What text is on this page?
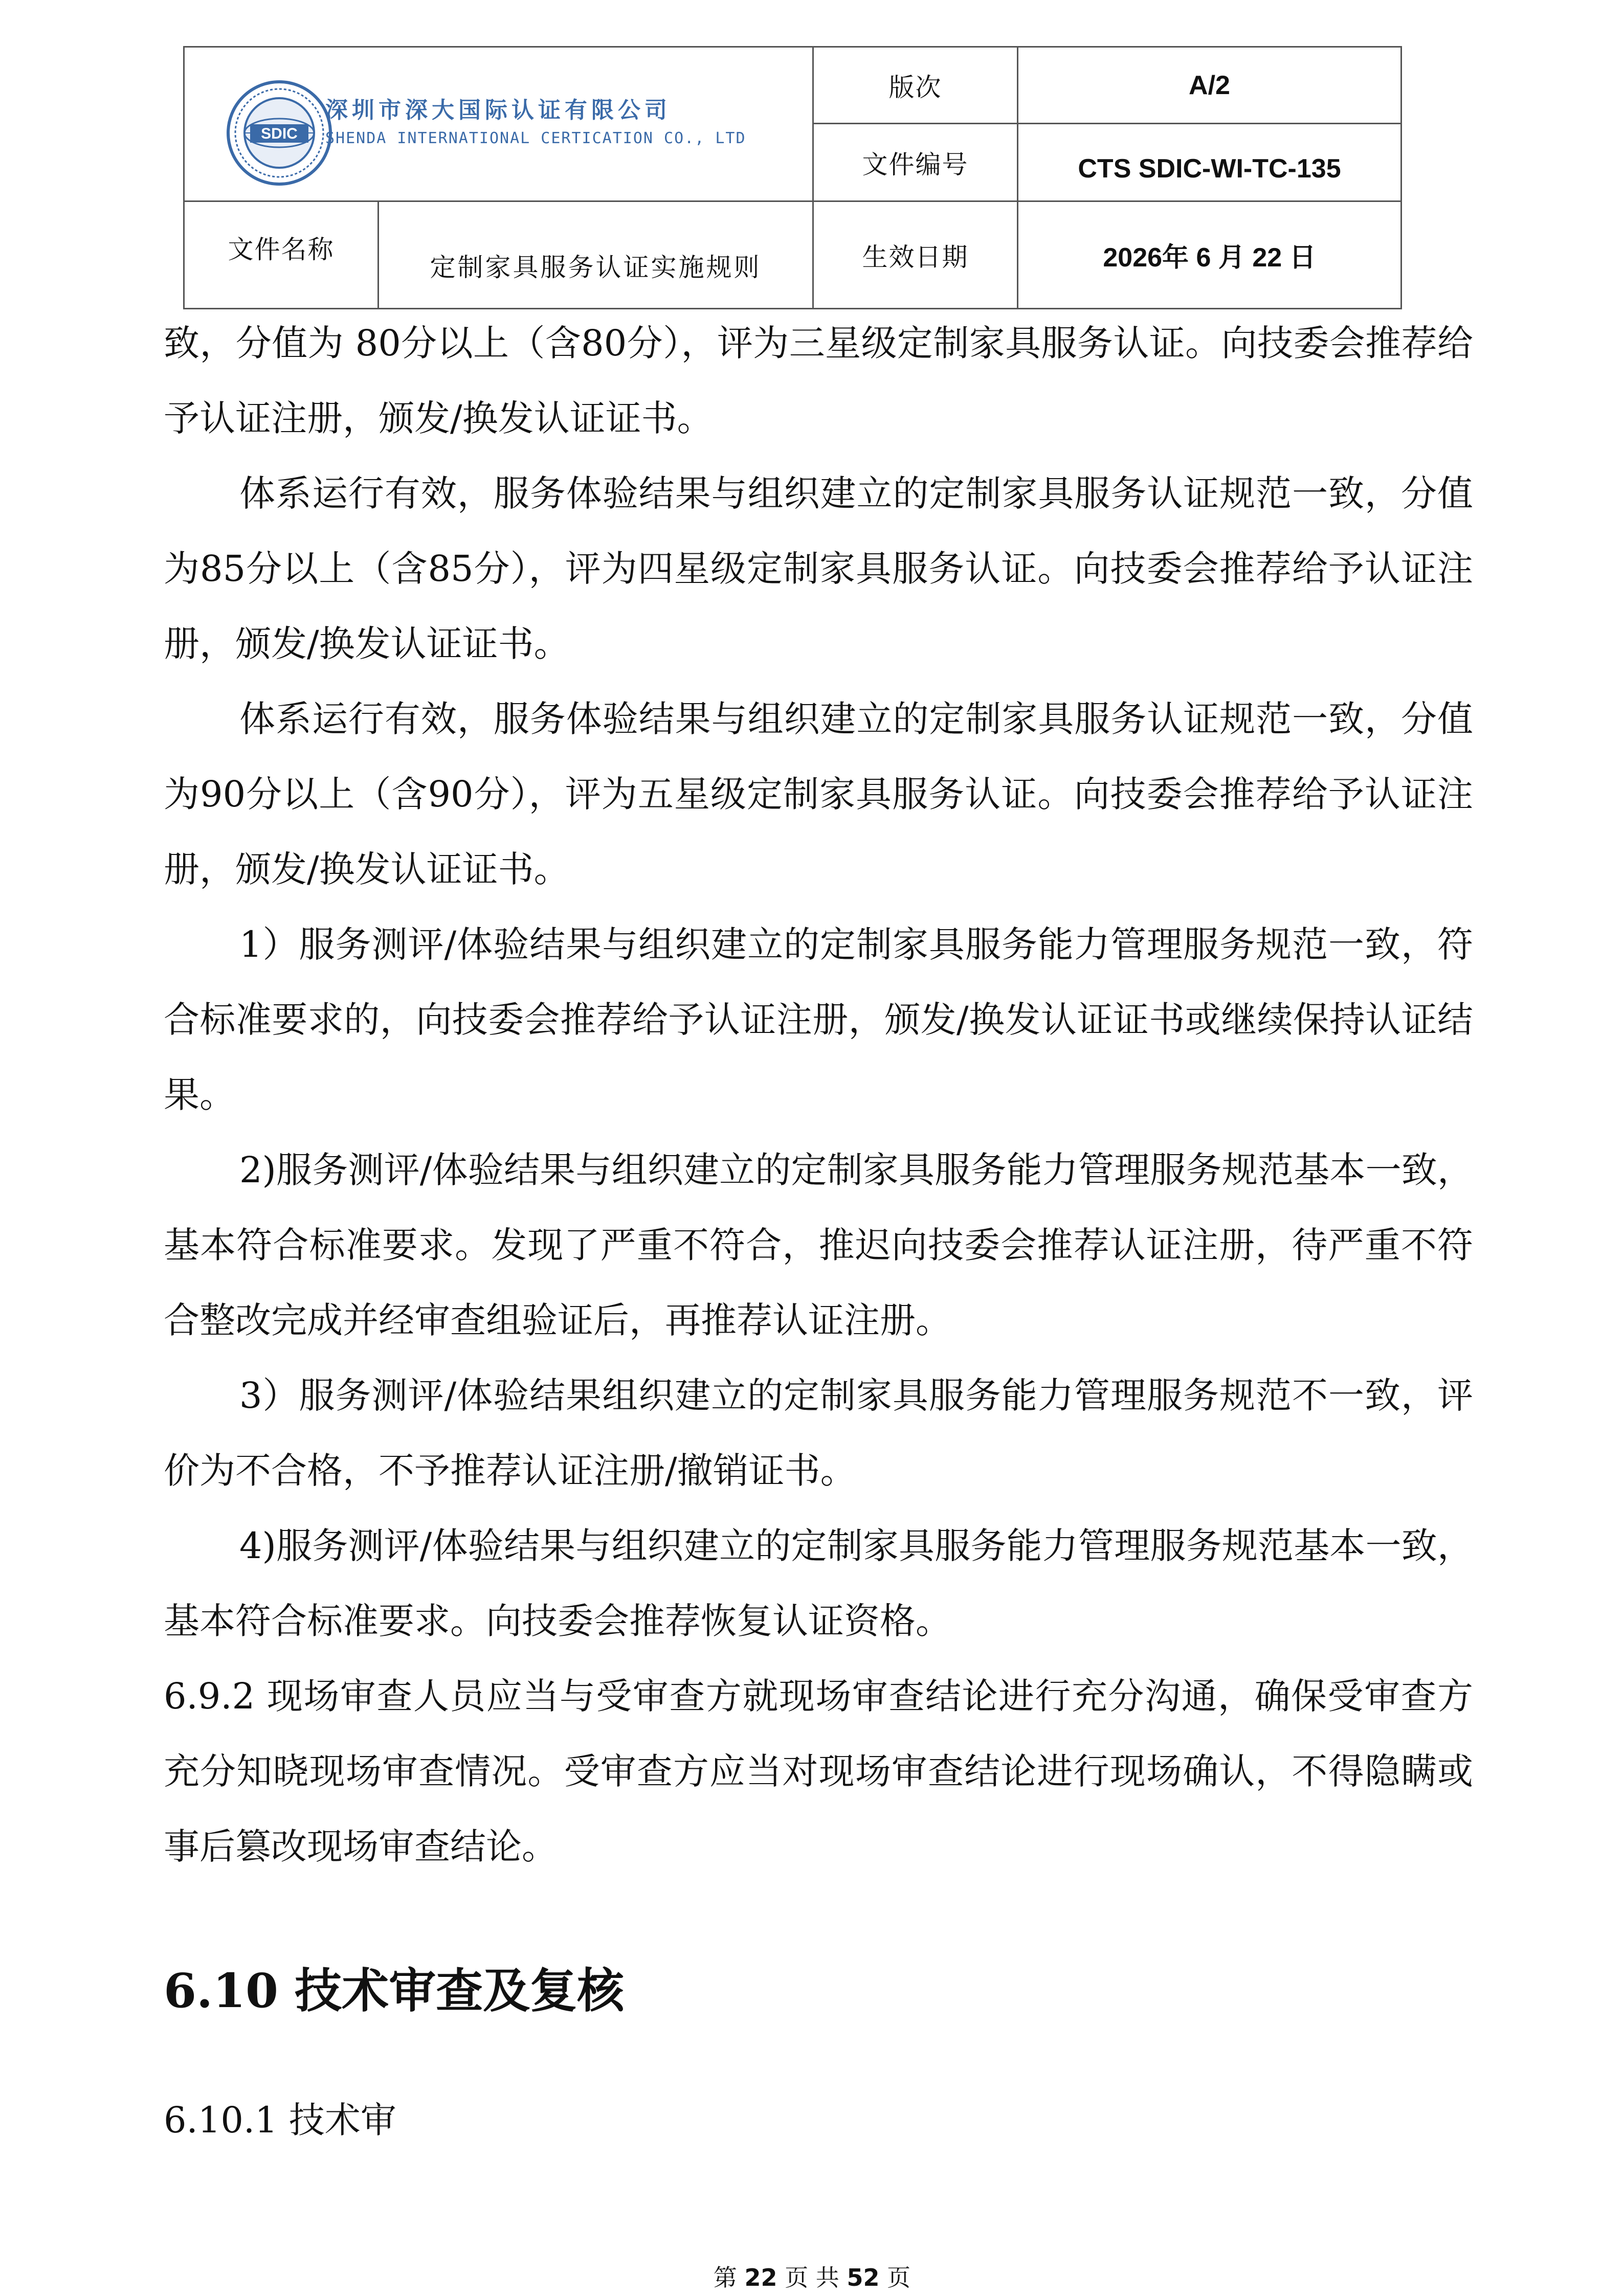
SDIC
深圳市深大国际认证有限公司
SHENDA INTERNATIONAL CERTICATION CO., LTD		版次	A/2
		文件编号	CTS SDIC-WI-TC-135
文件名称	定制家具服务认证实施规则	生效日期	2026年 6 月 22 日

致，分值为 80分以上（含80分），评为三星级定制家具服务认证。向技委会推荐给予认证注册，颁发/换发认证证书。

体系运行有效，服务体验结果与组织建立的定制家具服务认证规范一致，分值为85分以上（含85分），评为四星级定制家具服务认证。向技委会推荐给予认证注册，颁发/换发认证证书。

体系运行有效，服务体验结果与组织建立的定制家具服务认证规范一致，分值为90分以上（含90分），评为五星级定制家具服务认证。向技委会推荐给予认证注册，颁发/换发认证证书。

1）服务测评/体验结果与组织建立的定制家具服务能力管理服务规范一致，符合标准要求的，向技委会推荐给予认证注册，颁发/换发认证证书或继续保持认证结果。

2)服务测评/体验结果与组织建立的定制家具服务能力管理服务规范基本一致，基本符合标准要求。发现了严重不符合，推迟向技委会推荐认证注册，待严重不符合整改完成并经审查组验证后，再推荐认证注册。

3）服务测评/体验结果组织建立的定制家具服务能力管理服务规范不一致，评价为不合格，不予推荐认证注册/撤销证书。

4)服务测评/体验结果与组织建立的定制家具服务能力管理服务规范基本一致，基本符合标准要求。向技委会推荐恢复认证资格。

6.9.2 现场审查人员应当与受审查方就现场审查结论进行充分沟通，确保受审查方充分知晓现场审查情况。受审查方应当对现场审查结论进行现场确认，不得隐瞒或事后篡改现场审查结论。

6.10 技术审查及复核

6.10.1 技术审

第 22 页 共 52 页
